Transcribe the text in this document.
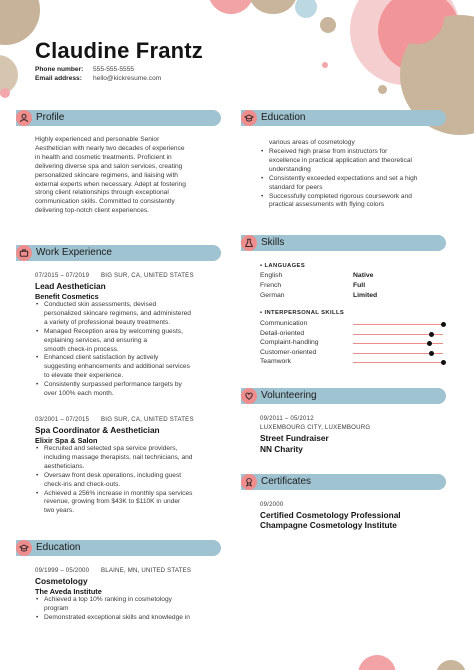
Claudine Frantz
Phone number: 555-555-5555
Email address: hello@kickresume.com
Profile
Highly experienced and personable Senior
Aesthetician with nearly two decades of experience
in health and cosmetic treatments. Proficient in
delivering diverse spa and salon services, creating
personalized skincare regimens, and liaising with
external experts when necessary. Adept at fostering
strong client relationships through exceptional
communication skills. Committed to consistently
delivering top-notch client experiences.
Work Experience
07/2015 – 07/2019 BIG SUR, CA, UNITED STATES
Lead Aesthetician
Benefit Cosmetics
• Conducted skin assessments, devised
personalized skincare regimens, and administered
a variety of professional beauty treatments.
• Managed Reception area by welcoming guests,
explaining services, and ensuring a
smooth check-in process.
• Enhanced client satisfaction by actively
suggesting enhancements and additional services
to elevate their experience.
• Consistently surpassed performance targets by
over 100% each month.
03/2001 – 07/2015 BIG SUR, CA, UNITED STATES
Spa Coordinator & Aesthetician
Elixir Spa & Salon
• Recruited and selected spa service providers,
including massage therapists, nail technicians, and
aestheticians.
• Oversaw front desk operations, including guest
check-ins and check-outs.
• Achieved a 256% increase in monthly spa services
revenue, growing from $43K to $110K in under
two years.
Education
09/1999 – 05/2000 BLAINE, MN, UNITED STATES
Cosmetology
The Aveda Institute
• Achieved a top 10% ranking in cosmetology
program
• Demonstrated exceptional skills and knowledge in
Education
various areas of cosmetology
• Received high praise from instructors for
excellence in practical application and theoretical
understanding
• Consistently exceeded expectations and set a high
standard for peers
• Successfully completed rigorous coursework and
practical assessments with flying colors
Skills
• LANGUAGES
English	Native
French	Full
German	Limited
• INTERPERSONAL SKILLS
Communication
Detail-oriented
Complaint-handling
Customer-oriented
Teamwork
Volunteering
09/2011 – 05/2012
LUXEMBOURG CITY, LUXEMBOURG
Street Fundraiser
NN Charity
Certificates
09/2000
Certified Cosmetology Professional
Champagne Cosmetology Institute
